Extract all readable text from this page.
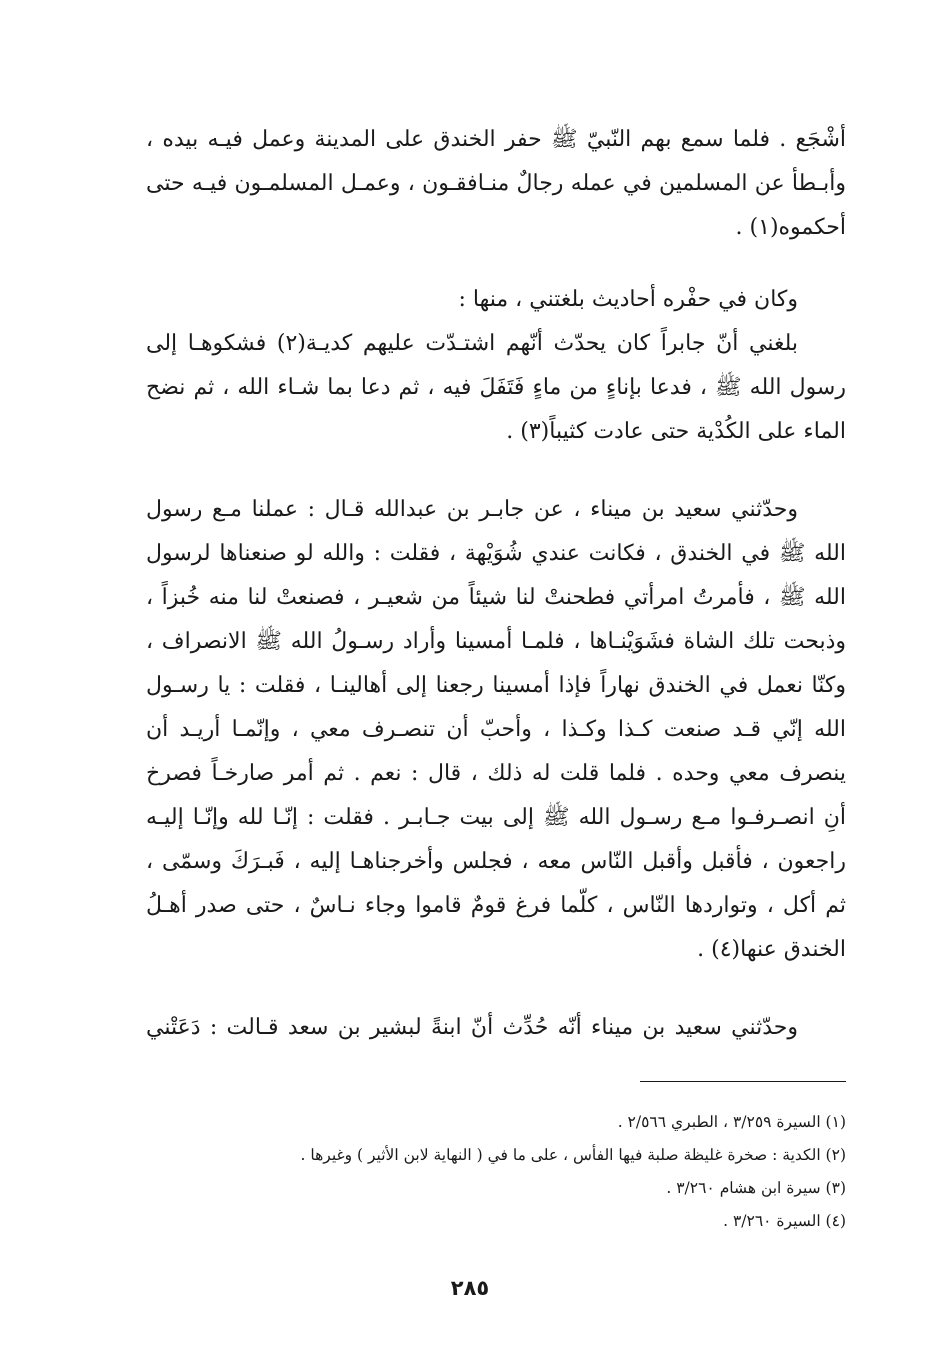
أشْجَع . فلما سمع بهم النّبيّ ﷺ حفر الخندق على المدينة وعمل فيـه بيده ،
وأبـطأ عن المسلمين في عمله رجالٌ منـافقـون ، وعمـل المسلمـون فيـه حتى
أحكموه(١) .
وكان في حفْره أحاديث بلغتني ، منها :
بلغني أنّ جابراً كان يحدّث أنّهم اشتـدّت عليهم كديـة(٢) فشكوهـا إلى
رسول الله ﷺ ، فدعا بإناءٍ من ماءٍ فَتَفَلَ فيه ، ثم دعا بما شـاء الله ، ثم نضح
الماء على الكُدْية حتى عادت كثيباً(٣) .
وحدّثني سعيد بن ميناء ، عن جابـر بن عبدالله قـال : عملنا مـع رسول
الله ﷺ في الخندق ، فكانت عندي شُوَيْهة ، فقلت : والله لو صنعناها لرسول
الله ﷺ ، فأمرتُ امرأتي فطحنتْ لنا شيئاً من شعيـر ، فصنعتْ لنا منه خُبزاً ،
وذبحت تلك الشاة فشَوَيْنـاها ، فلمـا أمسينا وأراد رسـولُ الله ﷺ الانصراف ،
وكنّا نعمل في الخندق نهاراً فإذا أمسينا رجعنا إلى أهالينـا ، فقلت : يا رسـول
الله إنّي قـد صنعت كـذا وكـذا ، وأحبّ أن تنصـرف معي ، وإنّمـا أريـد أن
ينصرف معي وحده . فلما قلت له ذلك ، قال : نعم . ثم أمر صارخـاً فصرخ
أنِ انصـرفـوا مـع رسـول الله ﷺ إلى بيت جـابـر . فقلت : إنّـا لله وإنّـا إليـه
راجعون ، فأقبل وأقبل النّاس معه ، فجلس وأخرجناهـا إليه ، فَبـرَكَ وسمّى ،
ثم أكل ، وتواردها النّاس ، كلّما فرغ قومٌ قاموا وجاء نـاسٌ ، حتى صدر أهـلُ
الخندق عنها(٤) .
وحدّثني سعيد بن ميناء أنّه حُدِّث أنّ ابنةً لبشير بن سعد قـالت : دَعَتْني
(١) السيرة ٣/٢٥٩ ، الطبري ٢/٥٦٦ .
(٢) الكدية : صخرة غليظة صلبة فيها الفأس ، على ما في ( النهاية لابن الأثير ) وغيرها .
(٣) سيرة ابن هشام ٣/٢٦٠ .
(٤) السيرة ٣/٢٦٠ .
٢٨٥
